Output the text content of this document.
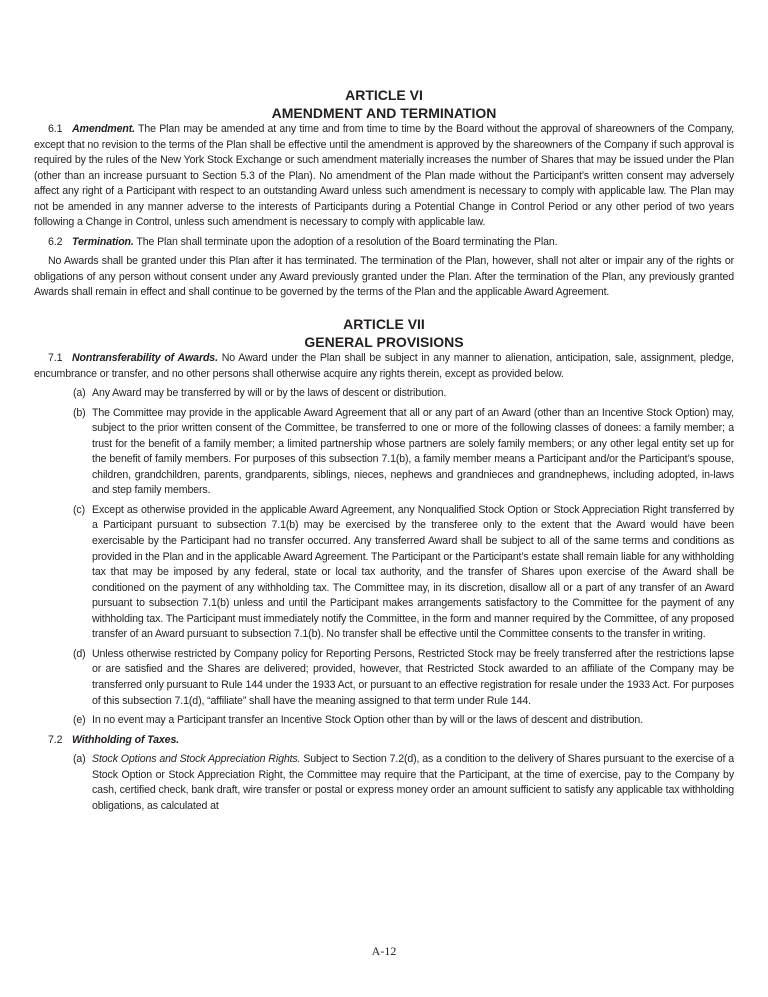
ARTICLE VI
AMENDMENT AND TERMINATION

6.1 Amendment. The Plan may be amended at any time and from time to time by the Board without the approval of shareowners of the Company, except that no revision to the terms of the Plan shall be effective until the amendment is approved by the shareowners of the Company if such approval is required by the rules of the New York Stock Exchange or such amendment materially increases the number of Shares that may be issued under the Plan (other than an increase pursuant to Section 5.3 of the Plan). No amendment of the Plan made without the Participant’s written consent may adversely affect any right of a Participant with respect to an outstanding Award unless such amendment is necessary to comply with applicable law. The Plan may not be amended in any manner adverse to the interests of Participants during a Potential Change in Control Period or any other period of two years following a Change in Control, unless such amendment is necessary to comply with applicable law.

6.2 Termination. The Plan shall terminate upon the adoption of a resolution of the Board terminating the Plan.

No Awards shall be granted under this Plan after it has terminated. The termination of the Plan, however, shall not alter or impair any of the rights or obligations of any person without consent under any Award previously granted under the Plan. After the termination of the Plan, any previously granted Awards shall remain in effect and shall continue to be governed by the terms of the Plan and the applicable Award Agreement.

ARTICLE VII
GENERAL PROVISIONS

7.1 Nontransferability of Awards. No Award under the Plan shall be subject in any manner to alienation, anticipation, sale, assignment, pledge, encumbrance or transfer, and no other persons shall otherwise acquire any rights therein, except as provided below.

(a) Any Award may be transferred by will or by the laws of descent or distribution.
(b) The Committee may provide in the applicable Award Agreement that all or any part of an Award (other than an Incentive Stock Option) may, subject to the prior written consent of the Committee, be transferred to one or more of the following classes of donees: a family member; a trust for the benefit of a family member; a limited partnership whose partners are solely family members; or any other legal entity set up for the benefit of family members. For purposes of this subsection 7.1(b), a family member means a Participant and/or the Participant’s spouse, children, grandchildren, parents, grandparents, siblings, nieces, nephews and grandnieces and grandnephews, including adopted, in-laws and step family members.
(c) Except as otherwise provided in the applicable Award Agreement, any Nonqualified Stock Option or Stock Appreciation Right transferred by a Participant pursuant to subsection 7.1(b) may be exercised by the transferee only to the extent that the Award would have been exercisable by the Participant had no transfer occurred. Any transferred Award shall be subject to all of the same terms and conditions as provided in the Plan and in the applicable Award Agreement. The Participant or the Participant’s estate shall remain liable for any withholding tax that may be imposed by any federal, state or local tax authority, and the transfer of Shares upon exercise of the Award shall be conditioned on the payment of any withholding tax. The Committee may, in its discretion, disallow all or a part of any transfer of an Award pursuant to subsection 7.1(b) unless and until the Participant makes arrangements satisfactory to the Committee for the payment of any withholding tax. The Participant must immediately notify the Committee, in the form and manner required by the Committee, of any proposed transfer of an Award pursuant to subsection 7.1(b). No transfer shall be effective until the Committee consents to the transfer in writing.
(d) Unless otherwise restricted by Company policy for Reporting Persons, Restricted Stock may be freely transferred after the restrictions lapse or are satisfied and the Shares are delivered; provided, however, that Restricted Stock awarded to an affiliate of the Company may be transferred only pursuant to Rule 144 under the 1933 Act, or pursuant to an effective registration for resale under the 1933 Act. For purposes of this subsection 7.1(d), “affiliate” shall have the meaning assigned to that term under Rule 144.
(e) In no event may a Participant transfer an Incentive Stock Option other than by will or the laws of descent and distribution.

7.2 Withholding of Taxes.

(a) Stock Options and Stock Appreciation Rights. Subject to Section 7.2(d), as a condition to the delivery of Shares pursuant to the exercise of a Stock Option or Stock Appreciation Right, the Committee may require that the Participant, at the time of exercise, pay to the Company by cash, certified check, bank draft, wire transfer or postal or express money order an amount sufficient to satisfy any applicable tax withholding obligations, as calculated at
A-12
